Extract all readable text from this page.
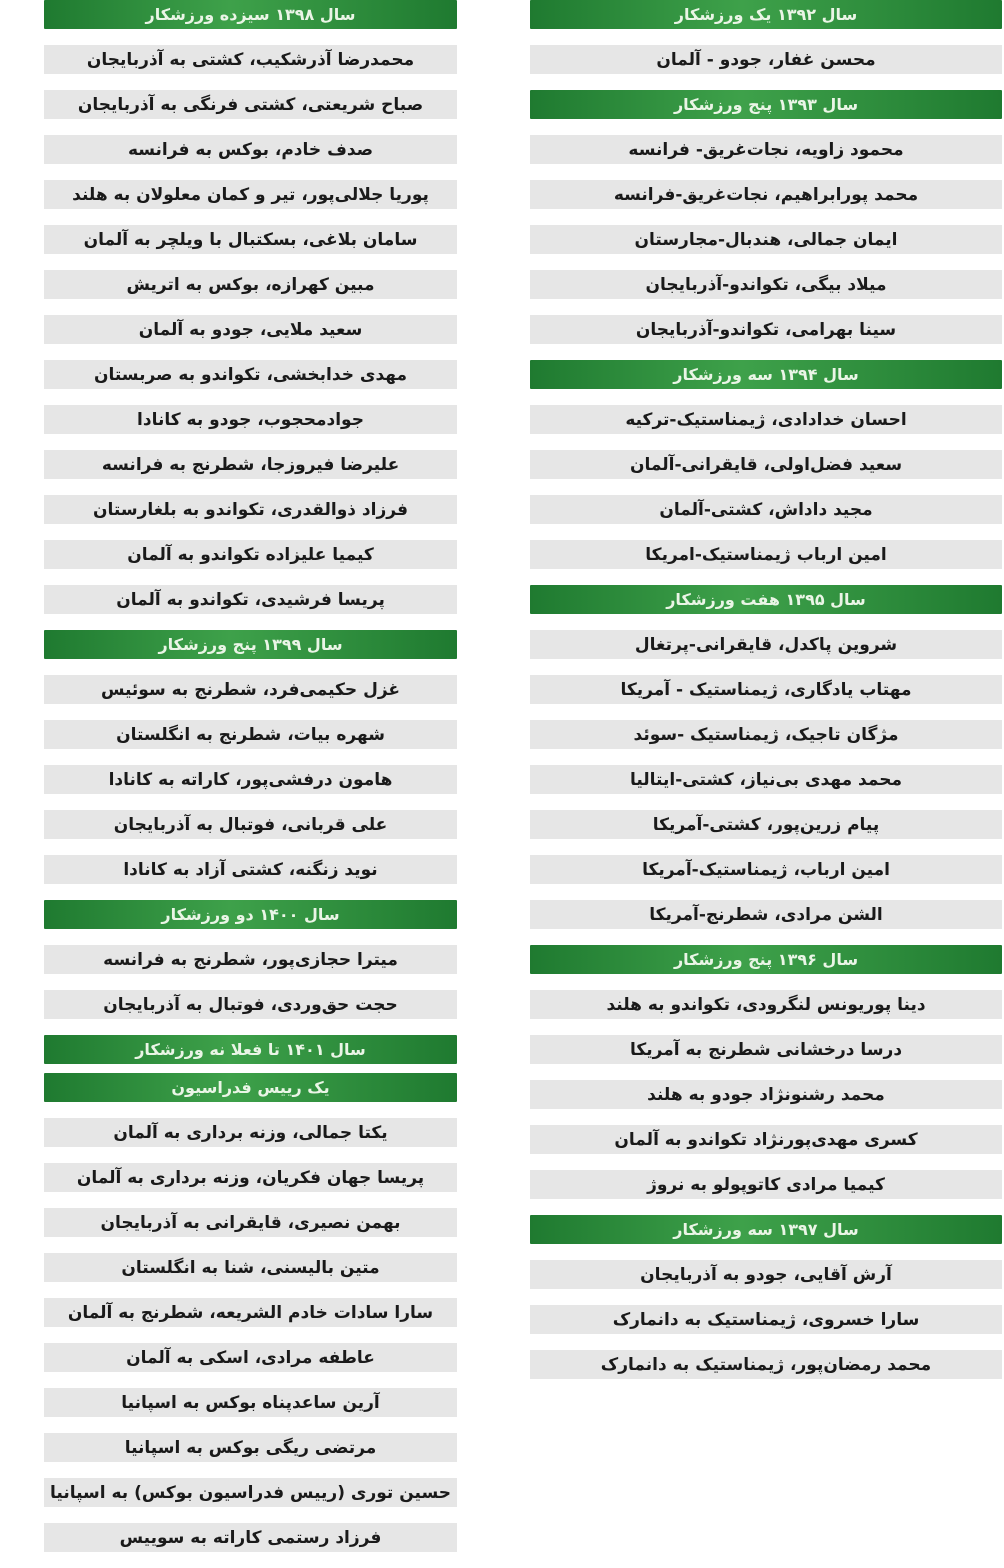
سال ۱۳۹۲ یک ورزشکار
محسن غفار، جودو - آلمان
سال ۱۳۹۳ پنج ورزشکار
محمود زاویه، نجات‌غریق- فرانسه
محمد پورابراهیم، نجات‌غریق-فرانسه
ایمان جمالی، هندبال-مجارستان
میلاد بیگی، تکواندو-آذربایجان
سینا بهرامی، تکواندو-آذربایجان
سال ۱۳۹۴ سه ورزشکار
احسان خدادادی، ژیمناستیک-ترکیه
سعید فضل‌اولی، قایقرانی-آلمان
مجید داداش، کشتی-آلمان
امین ارباب ژیمناستیک-امریکا
سال ۱۳۹۵ هفت ورزشکار
شروین پاکدل، قایقرانی-پرتغال
مهتاب یادگاری، ژیمناستیک - آمریکا
مژگان تاجیک، ژیمناستیک -سوئد
محمد مهدی بی‌نیاز، کشتی-ایتالیا
پیام زرین‌پور، کشتی-آمریکا
امین ارباب، ژیمناستیک-آمریکا
الشن مرادی، شطرنج-آمریکا
سال ۱۳۹۶ پنج ورزشکار
دینا پوریونس لنگرودی، تکواندو به هلند
درسا درخشانی شطرنج به آمریکا
محمد رشنونژاد جودو به هلند
کسری مهدی‌پورنژاد تکواندو به آلمان
کیمیا مرادی کاتوپولو به نروژ
سال ۱۳۹۷ سه ورزشکار
آرش آقایی، جودو به آذربایجان
سارا خسروی، ژیمناستیک به دانمارک
محمد رمضان‌پور، ژیمناستیک به دانمارک
سال ۱۳۹۸ سیزده ورزشکار
محمدرضا آذرشکیب، کشتی به آذربایجان
صباح شریعتی، کشتی فرنگی به آذربایجان
صدف خادم، بوکس به فرانسه
پوریا جلالی‌پور، تیر و کمان معلولان به هلند
سامان بلاغی، بسکتبال با ویلچر به آلمان
مبین کهرازه، بوکس به اتریش
سعید ملایی، جودو به آلمان
مهدی خدابخشی، تکواندو به صربستان
جوادمحجوب، جودو به کانادا
علیرضا فیروزجا، شطرنج به فرانسه
فرزاد ذوالقدری، تکواندو به بلغارستان
کیمیا علیزاده تکواندو به آلمان
پریسا فرشیدی، تکواندو به آلمان
سال ۱۳۹۹ پنج ورزشکار
غزل حکیمی‌فرد، شطرنج به سوئیس
شهره بیات، شطرنج به انگلستان
هامون درفشی‌پور، کاراته به کانادا
علی قربانی، فوتبال به آذربایجان
نوید زنگنه، کشتی آزاد به کانادا
سال ۱۴۰۰ دو ورزشکار
میترا حجازی‌پور، شطرنج به فرانسه
حجت حق‌وردی، فوتبال به آذربایجان
سال ۱۴۰۱ تا فعلا نه ورزشکار
یک رییس فدراسیون
یکتا جمالی، وزنه برداری به آلمان
پریسا جهان فکریان، وزنه برداری به آلمان
بهمن نصیری، قایقرانی به آذربایجان
متین بالیسنی، شنا به انگلستان
سارا سادات خادم الشریعه، شطرنج به آلمان
عاطفه مرادی، اسکی به آلمان
آرین ساعدپناه بوکس به اسپانیا
مرتضی ریگی بوکس به اسپانیا
حسین توری (رییس فدراسیون بوکس) به اسپانیا
فرزاد رستمی کاراته به سوییس
